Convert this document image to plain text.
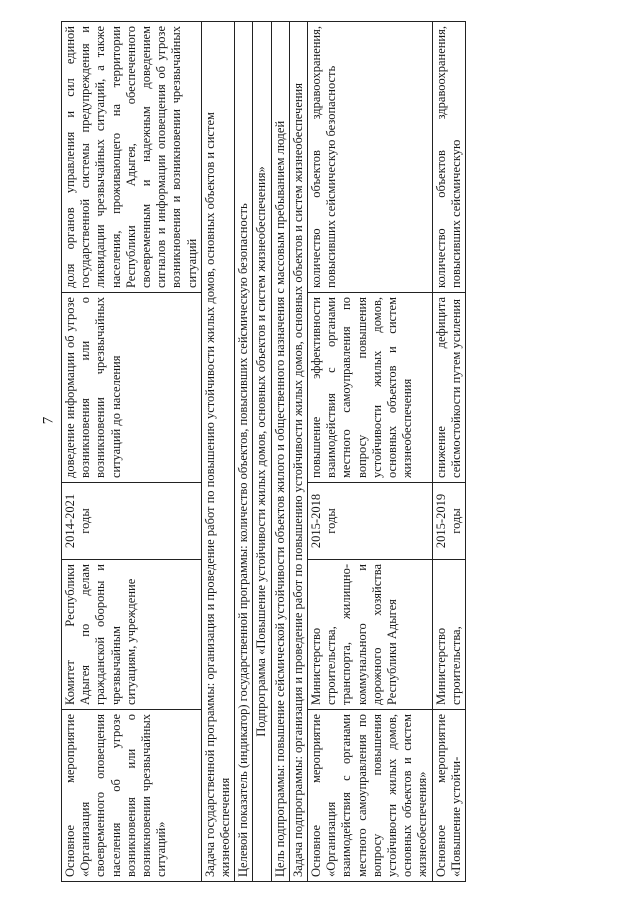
7
Основное мероприятие «Организация своевременного оповещения населения об угрозе возникновения или о возникновении чрезвычайных ситуаций»	Комитет Республики Адыгея по делам гражданской обороны и чрезвычайным ситуациям, учреждение	2014-2021 годы	доведение информации об угрозе возникновения или о возникновении чрезвычайных ситуаций до населения	доля органов управления и сил единой государственной системы предупреждения и ликвидации чрезвычайных ситуаций, а также населения, проживающего на территории Республики Адыгея, обеспеченного своевременным и надежным доведением сигналов и информации оповещения об угрозе возникновения и возникновении чрезвычайных ситуаций
Задача государственной программы: организация и проведение работ по повышению устойчивости жилых домов, основных объектов и систем жизнеобеспечения				
Целевой показатель (индикатор) государственной программы: количество объектов, повысивших сейсмическую безопасность				
Подпрограмма «Повышение устойчивости жилых домов, основных объектов и систем жизнеобеспечения»				
Цель подпрограммы: повышение сейсмической устойчивости объектов жилого и общественного назначения с массовым пребыванием людей				
Задача подпрограммы: организация и проведение работ по повышению устойчивости жилых домов, основных объектов и систем жизнеобеспечения				
Основное мероприятие «Организация взаимодействия с органами местного самоуправления по вопросу повышения устойчивости жилых домов, основных объектов и систем жизнеобеспечения»	Министерство строительства, транспорта, жилищно-коммунального и дорожного хозяйства Республики Адыгея	2015-2018 годы	повышение эффективности взаимодействия с органами местного самоуправления по вопросу повышения устойчивости жилых домов, основных объектов и систем жизнеобеспечения	количество объектов здравоохранения, повысивших сейсмическую безопасность
Основное мероприятие «Повышение устойчи-	Министерство строительства,	2015-2019 годы	снижение дефицита сейсмостойкости путем усиления	количество объектов здравоохранения, повысивших сейсмическую
